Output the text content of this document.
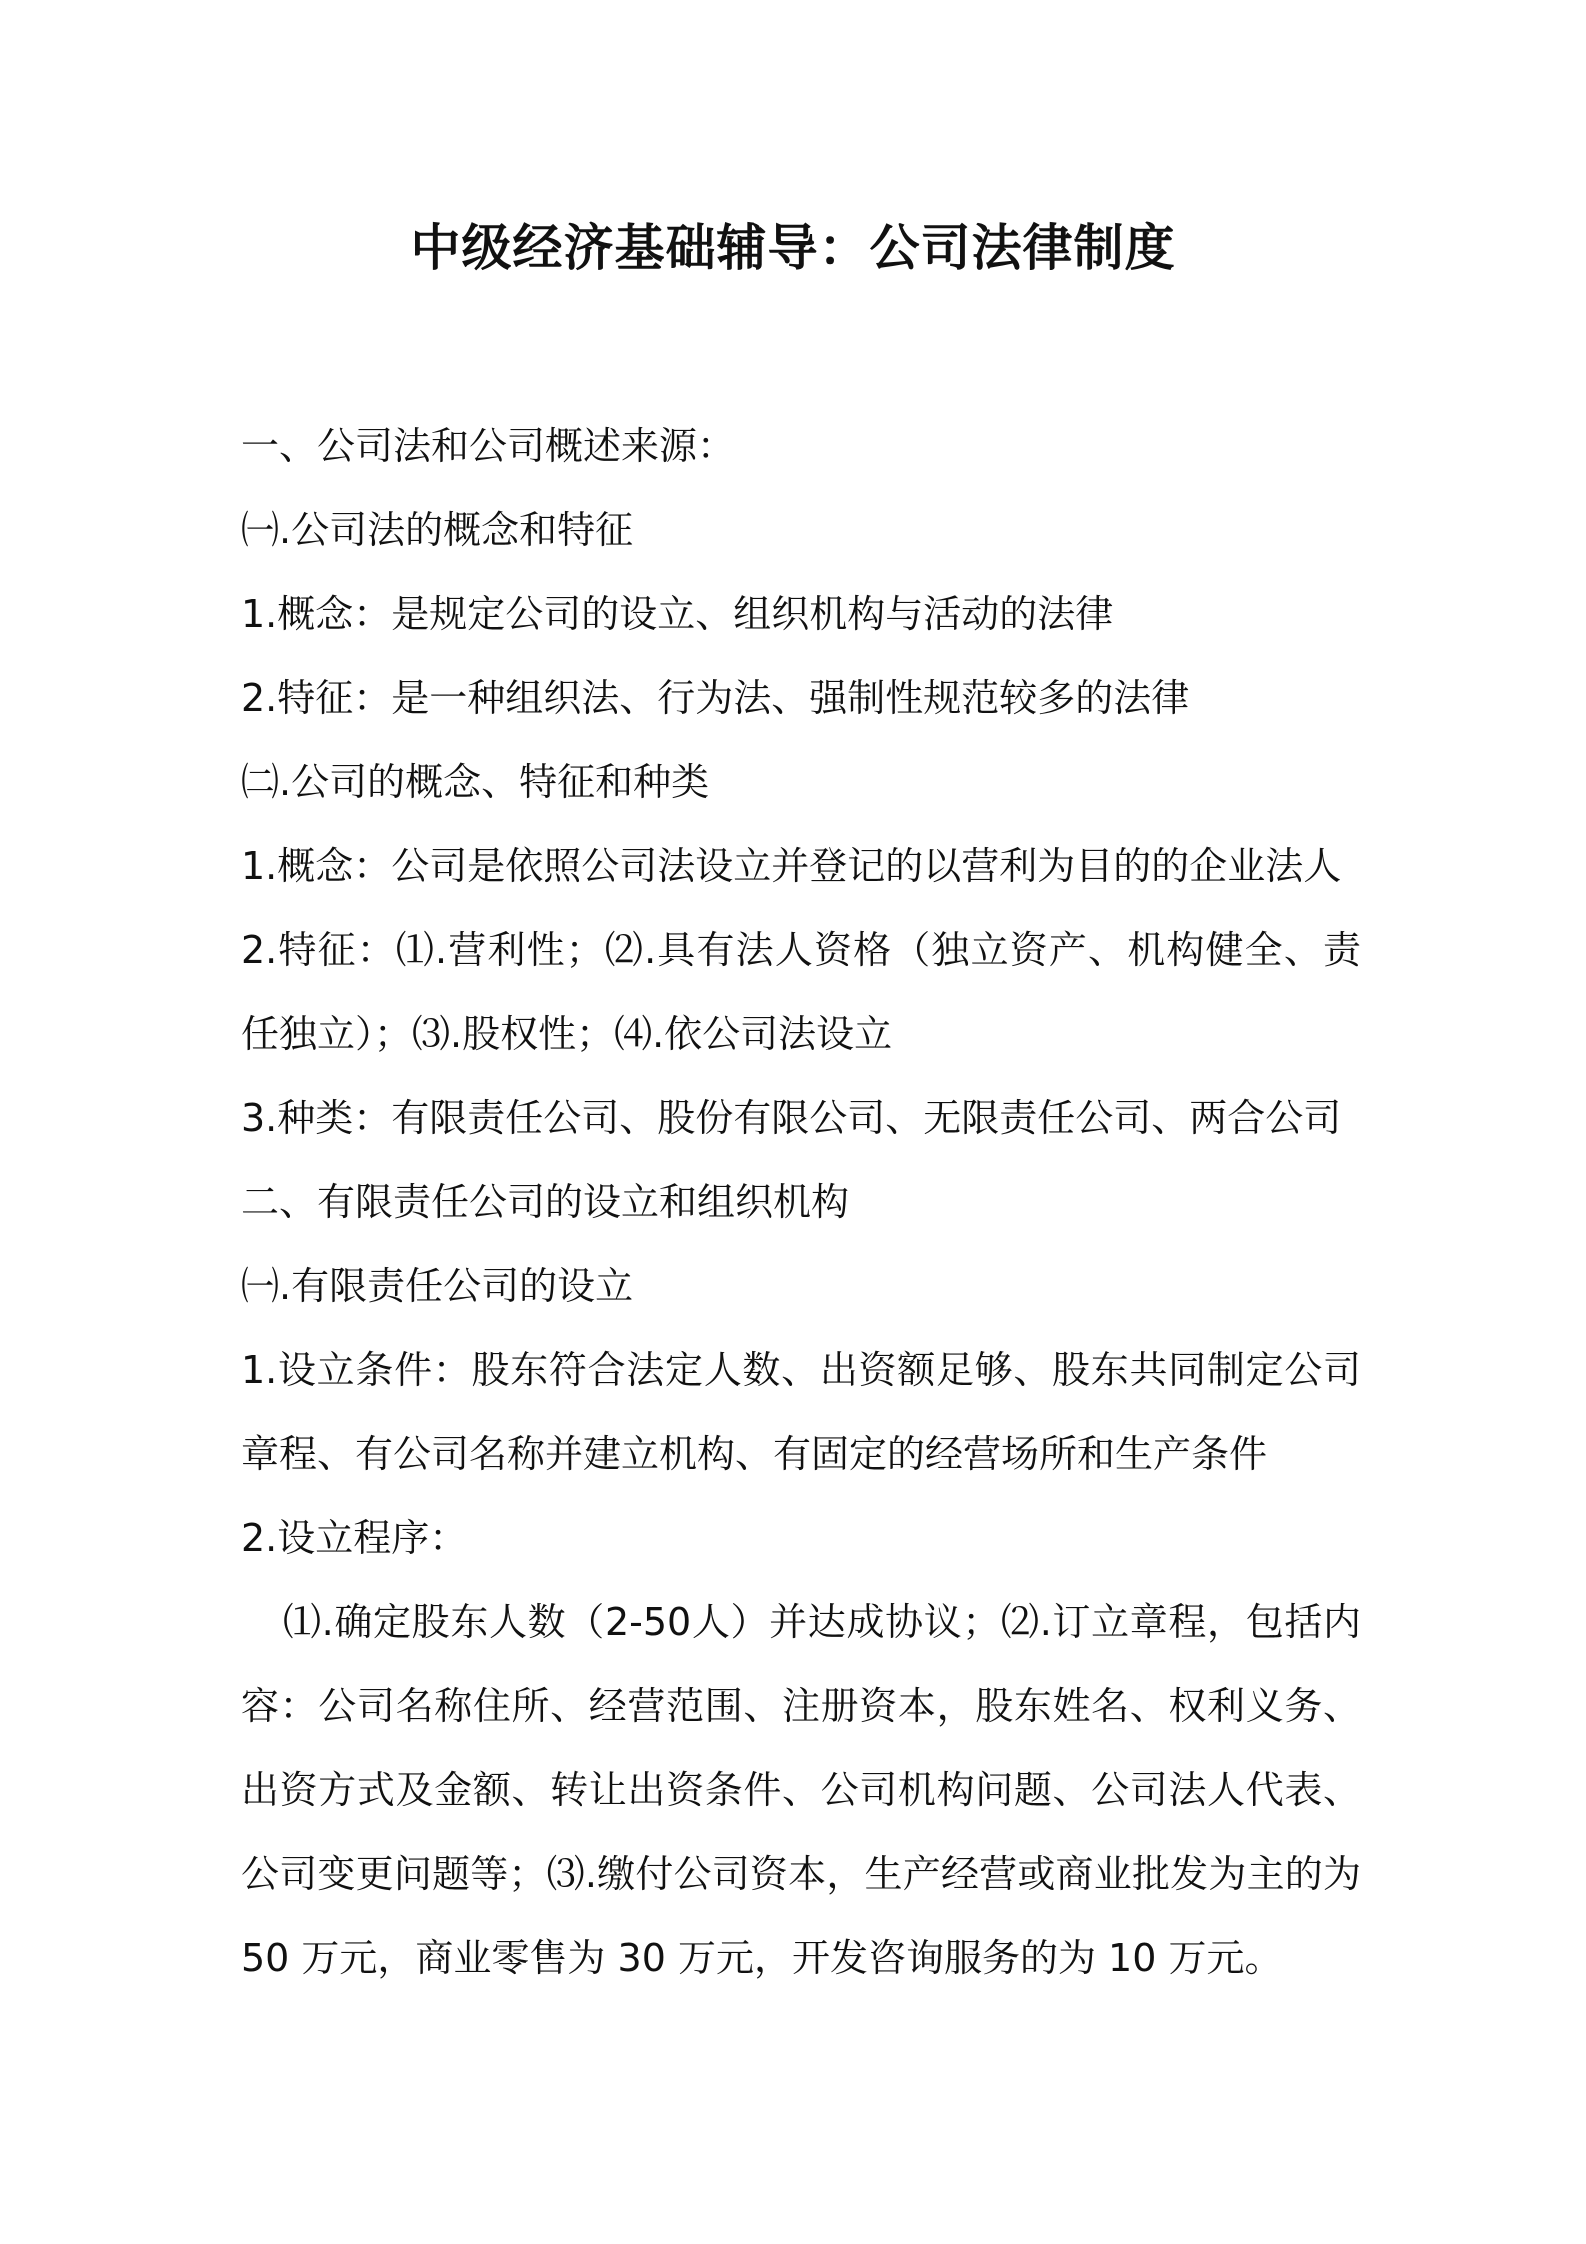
中级经济基础辅导：公司法律制度

一、公司法和公司概述来源：

㈠.公司法的概念和特征

1.概念：是规定公司的设立、组织机构与活动的法律

2.特征：是一种组织法、行为法、强制性规范较多的法律

㈡.公司的概念、特征和种类

1.概念：公司是依照公司法设立并登记的以营利为目的的企业法人

2.特征：⑴.营利性；⑵.具有法人资格（独立资产、机构健全、责任独立）；⑶.股权性；⑷.依公司法设立

3.种类：有限责任公司、股份有限公司、无限责任公司、两合公司

二、有限责任公司的设立和组织机构

㈠.有限责任公司的设立

1.设立条件：股东符合法定人数、出资额足够、股东共同制定公司章程、有公司名称并建立机构、有固定的经营场所和生产条件

2.设立程序：

⑴.确定股东人数（2-50人）并达成协议；⑵.订立章程，包括内容：公司名称住所、经营范围、注册资本，股东姓名、权利义务、出资方式及金额、转让出资条件、公司机构问题、公司法人代表、公司变更问题等；⑶.缴付公司资本，生产经营或商业批发为主的为 50 万元，商业零售为 30 万元，开发咨询服务的为 10 万元。
